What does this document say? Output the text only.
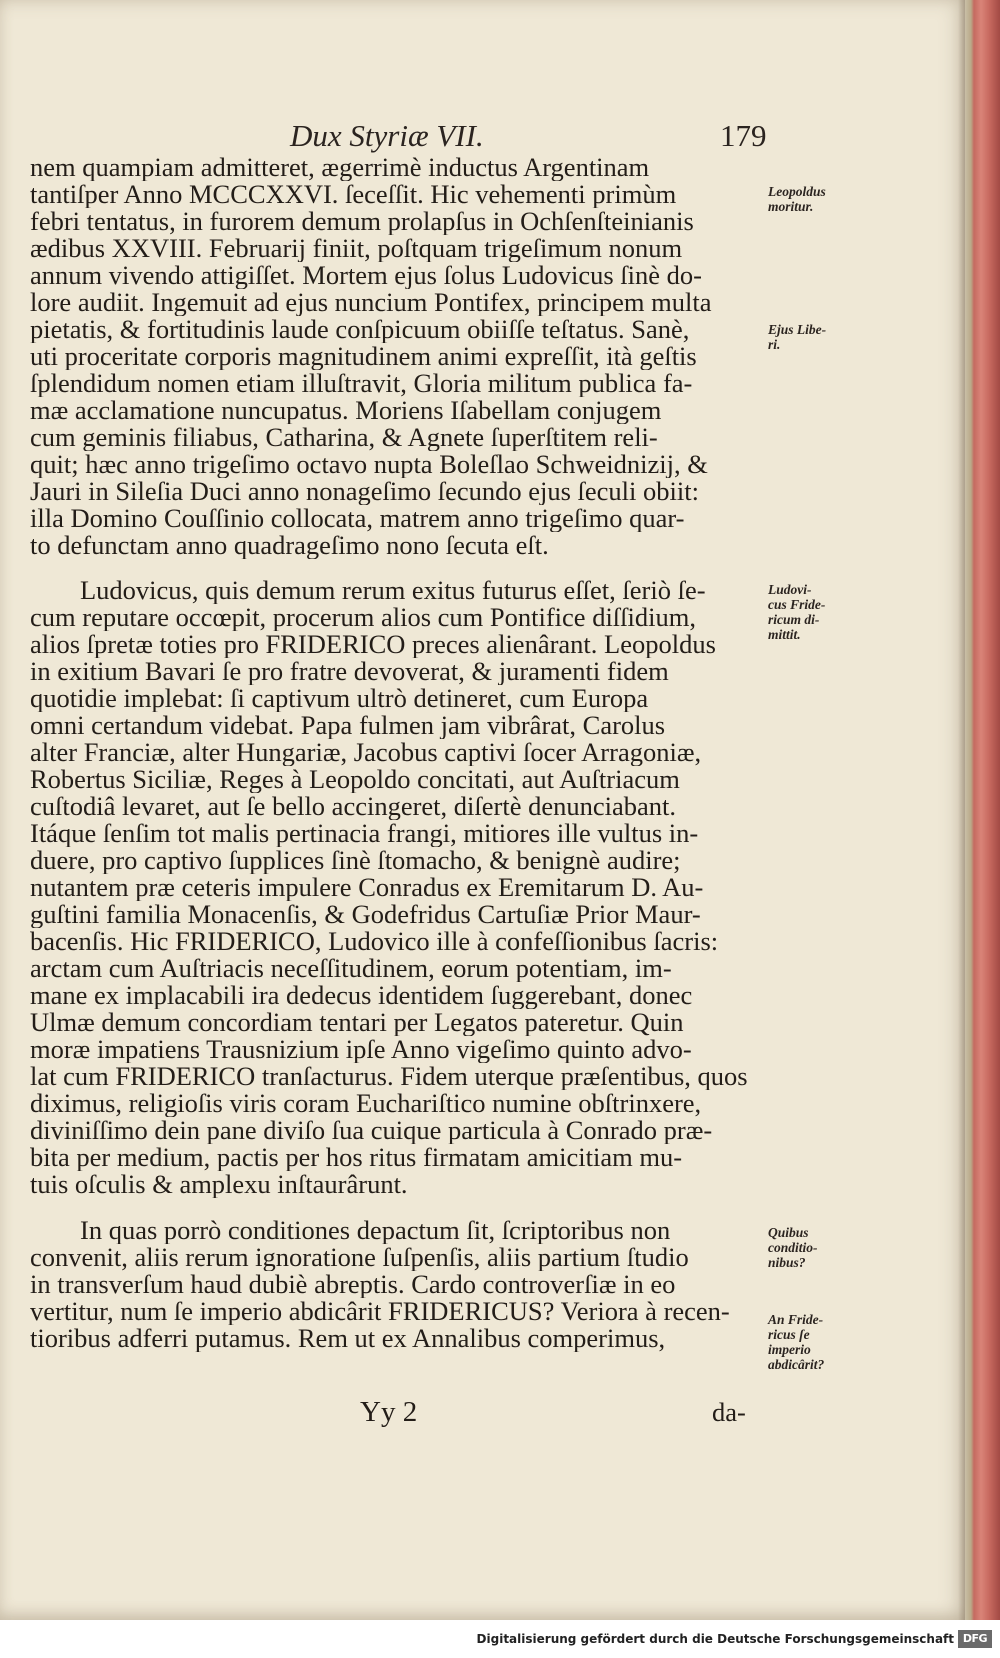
Dux Styriæ VII.	179
nem quampiam admitteret, ægerrimè inductus Argentinam
tantiſper Anno MCCCXXVI. ſeceſſit. Hic vehementi primùm
febri tentatus, in furorem demum prolapſus in Ochſenſteinianis
ædibus XXVIII. Februarij finiit, poſtquam trigeſimum nonum
annum vivendo attigiſſet. Mortem ejus ſolus Ludovicus ſinè do-
lore audiit. Ingemuit ad ejus nuncium Pontifex, principem multa
pietatis, & fortitudinis laude conſpicuum obiiſſe teſtatus. Sanè,
uti proceritate corporis magnitudinem animi expreſſit, ità geſtis
ſplendidum nomen etiam illuſtravit, Gloria militum publica fa-
mæ acclamatione nuncupatus. Moriens Iſabellam conjugem
cum geminis filiabus, Catharina, & Agnete ſuperſtitem reli-
quit; hæc anno trigeſimo octavo nupta Boleſlao Schweidnizij, &
Jauri in Sileſia Duci anno nonageſimo ſecundo ejus ſeculi obiit:
illa Domino Couſſinio collocata, matrem anno trigeſimo quar-
to defunctam anno quadrageſimo nono ſecuta eſt.
Ludovicus, quis demum rerum exitus futurus eſſet, ſeriò ſe-
cum reputare occœpit, procerum alios cum Pontifice diſſidium,
alios ſpretæ toties pro FRIDERICO preces alienârant. Leopoldus
in exitium Bavari ſe pro fratre devoverat, & juramenti fidem
quotidie implebat: ſi captivum ultrò detineret, cum Europa
omni certandum videbat. Papa fulmen jam vibrârat, Carolus
alter Franciæ, alter Hungariæ, Jacobus captivi ſocer Arragoniæ,
Robertus Siciliæ, Reges à Leopoldo concitati, aut Auſtriacum
cuſtodiâ levaret, aut ſe bello accingeret, diſertè denunciabant.
Itáque ſenſim tot malis pertinacia frangi, mitiores ille vultus in-
duere, pro captivo ſupplices ſinè ſtomacho, & benignè audire;
nutantem præ ceteris impulere Conradus ex Eremitarum D. Au-
guſtini familia Monacenſis, & Godefridus Cartuſiæ Prior Maur-
bacenſis. Hic FRIDERICO, Ludovico ille à confeſſionibus ſacris:
arctam cum Auſtriacis neceſſitudinem, eorum potentiam, im-
mane ex implacabili ira dedecus identidem ſuggerebant, donec
Ulmæ demum concordiam tentari per Legatos pateretur. Quin
moræ impatiens Trausnizium ipſe Anno vigeſimo quinto advo-
lat cum FRIDERICO tranſacturus. Fidem uterque præſentibus, quos
diximus, religioſis viris coram Euchariſtico numine obſtrinxere,
diviniſſimo dein pane diviſo ſua cuique particula à Conrado præ-
bita per medium, pactis per hos ritus firmatam amicitiam mu-
tuis oſculis & amplexu inſtaurârunt.
In quas porrò conditiones depactum ſit, ſcriptoribus non
convenit, aliis rerum ignoratione ſuſpenſis, aliis partium ſtudio
in transverſum haud dubiè abreptis. Cardo controverſiæ in eo
vertitur, num ſe imperio abdicârit FRIDERICUS? Veriora à recen-
tioribus adferri putamus. Rem ut ex Annalibus comperimus,
Leopoldus
moritur.
Ejus Libe-
ri.
Ludovi-
cus Fride-
ricum di-
mittit.
Quibus
conditio-
nibus?
An Fride-
ricus ſe
imperio
abdicârit?
Yy 2	da-
Digitalisierung gefördert durch die Deutsche Forschungsgemeinschaft DFG
